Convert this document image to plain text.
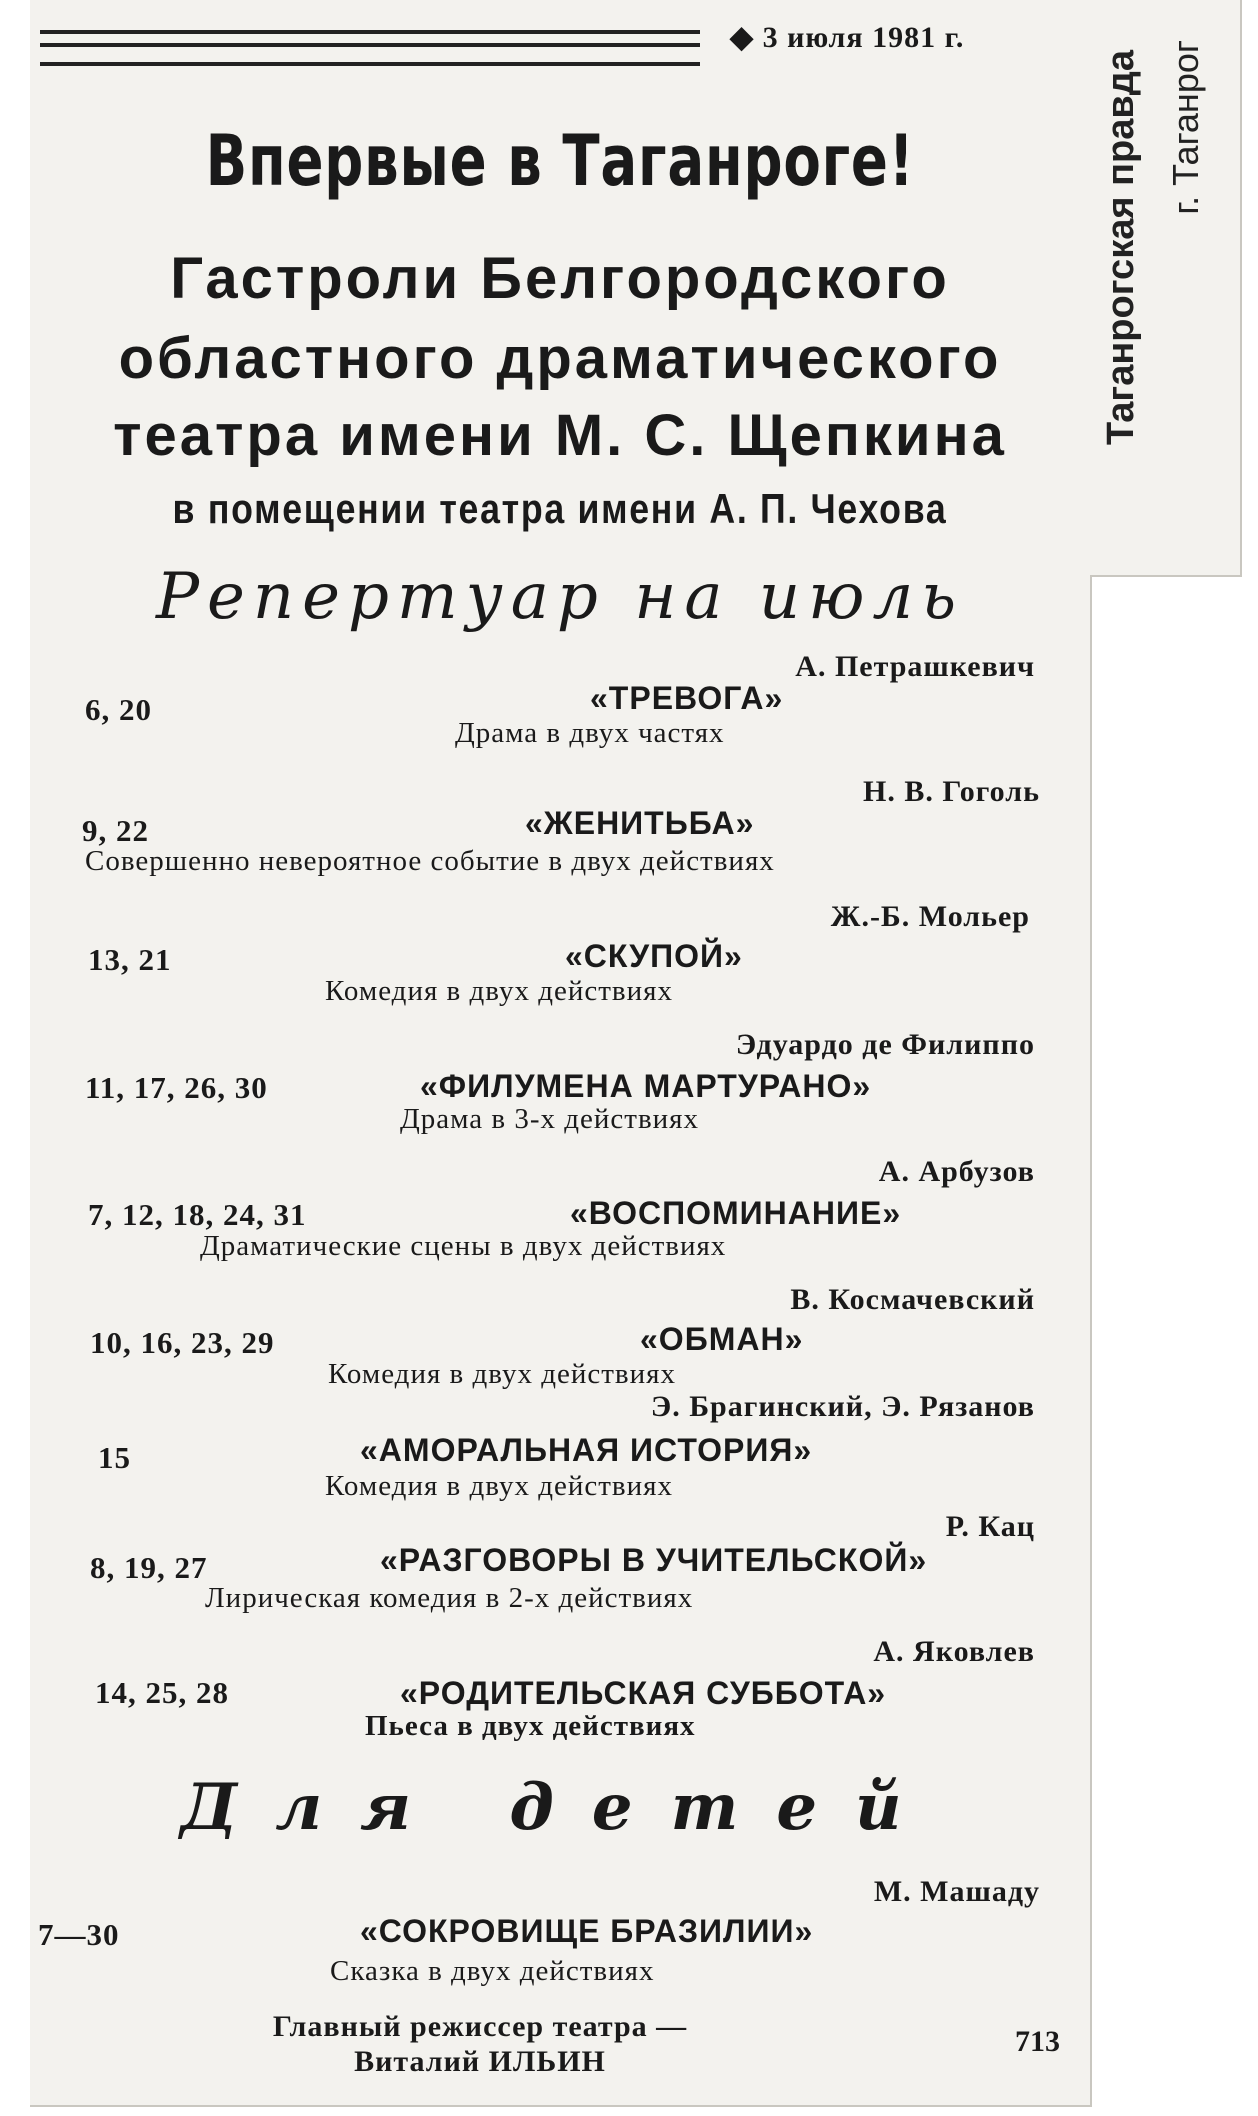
Таганрогская правда г. Таганрог
◆ 3 июля 1981 г.
Впервые в Таганроге!
Гастроли Белгородского
областного драматического
театра имени М. С. Щепкина
в помещении театра имени А. П. Чехова
Репертуар на июль
А. Петрашкевич
6, 20	«ТРЕВОГА»
Драма в двух частях
Н. В. Гоголь
9, 22	«ЖЕНИТЬБА»
Совершенно невероятное событие в двух действиях
Ж.-Б. Мольер
13, 21	«СКУПОЙ»
Комедия в двух действиях
Эдуардо де Филиппо
11, 17, 26, 30	«ФИЛУМЕНА МАРТУРАНО»
Драма в 3-х действиях
А. Арбузов
7, 12, 18, 24, 31	«ВОСПОМИНАНИЕ»
Драматические сцены в двух действиях
В. Космачевский
10, 16, 23, 29	«ОБМАН»
Комедия в двух действиях
Э. Брагинский, Э. Рязанов
15	«АМОРАЛЬНАЯ ИСТОРИЯ»
Комедия в двух действиях
Р. Кац
8, 19, 27	«РАЗГОВОРЫ В УЧИТЕЛЬСКОЙ»
Лирическая комедия в 2-х действиях
А. Яковлев
14, 25, 28	«РОДИТЕЛЬСКАЯ СУББОТА»
Пьеса в двух действиях
Для детей
М. Машаду
7—30	«СОКРОВИЩЕ БРАЗИЛИИ»
Сказка в двух действиях
Главный режиссер театра —
Виталий ИЛЬИН
713
